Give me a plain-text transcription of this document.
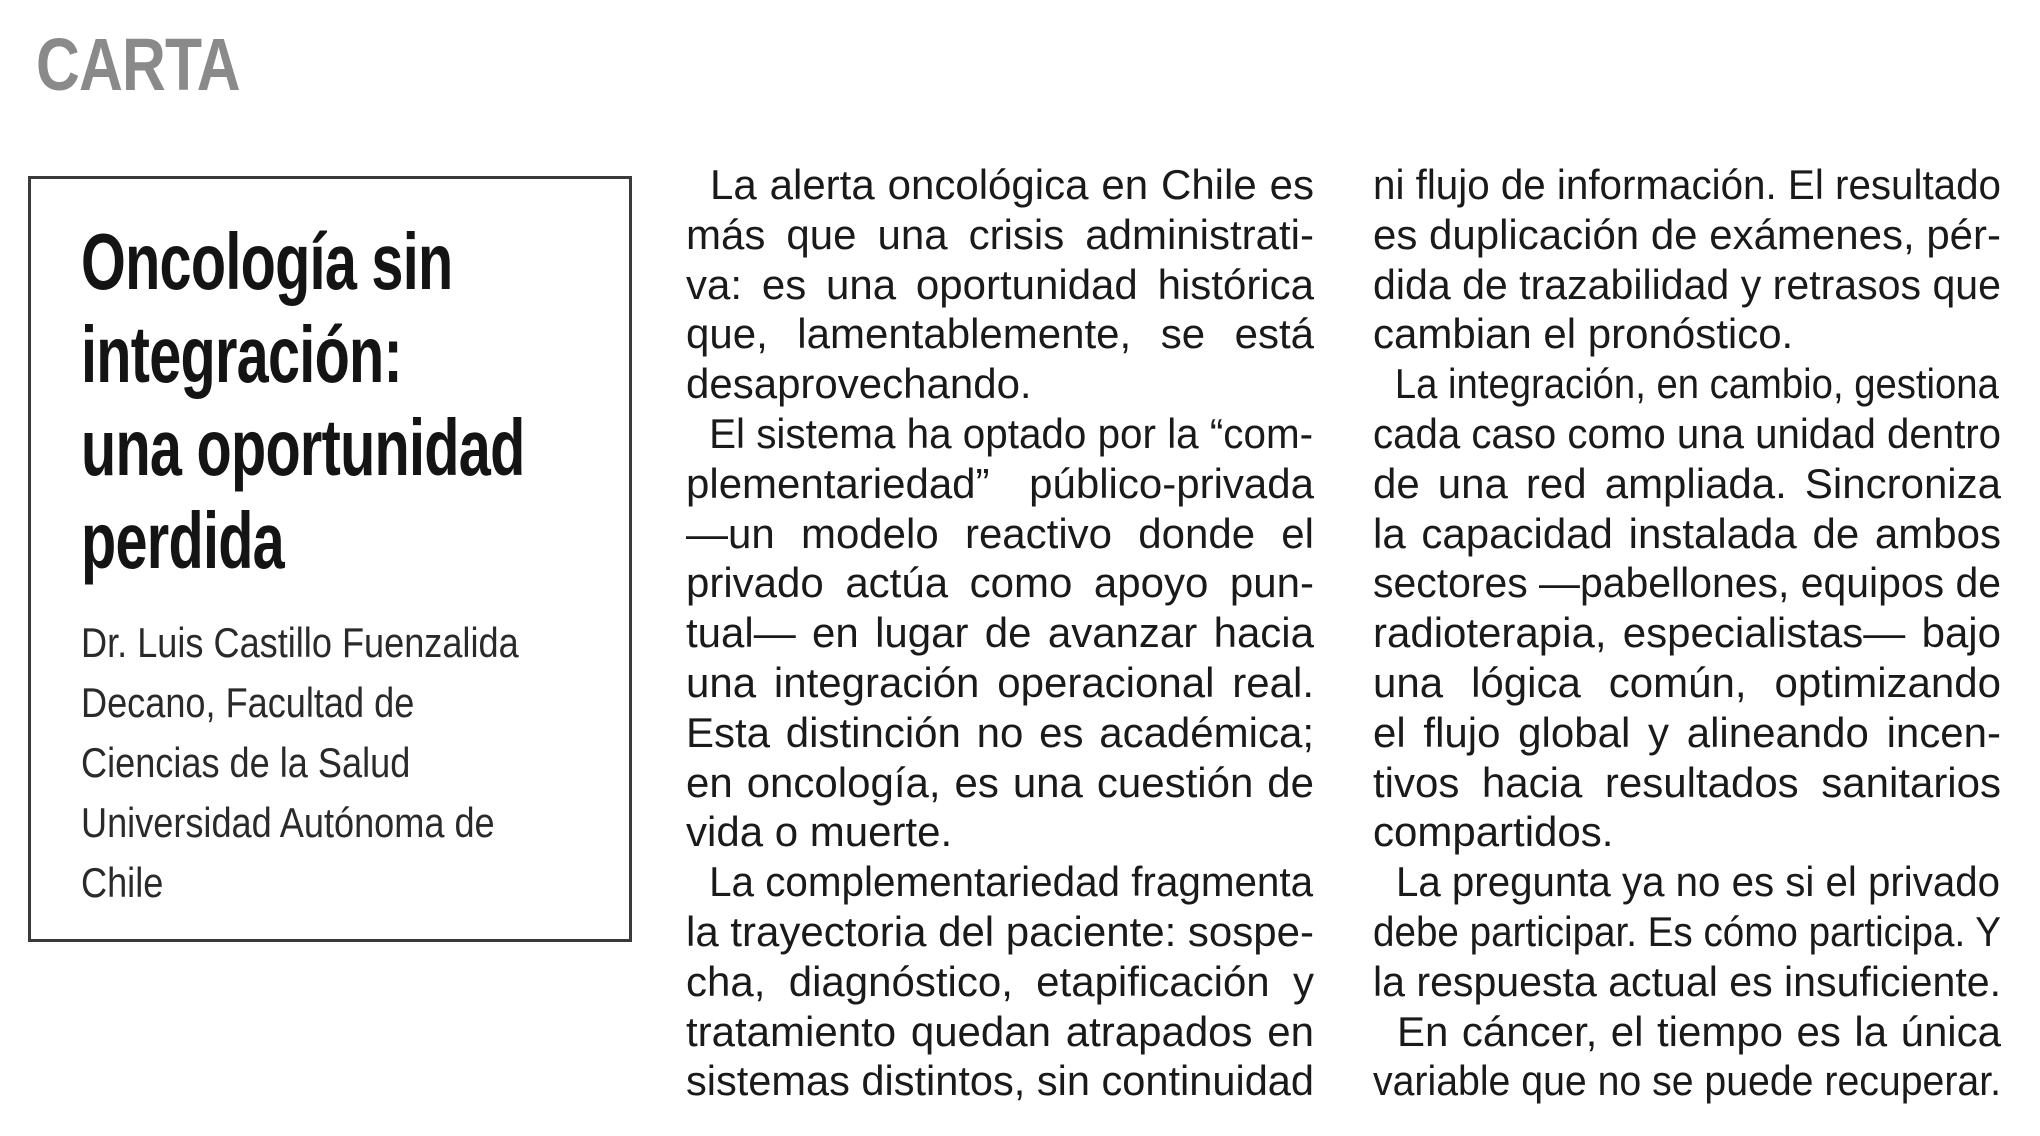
CARTA
Oncología sin
integración:
una oportunidad
perdida
Dr. Luis Castillo Fuenzalida
Decano, Facultad de
Ciencias de la Salud
Universidad Autónoma de
Chile
La alerta oncológica en Chile es
más que una crisis administrati-
va: es una oportunidad histórica
que, lamentablemente, se está
desaprovechando.
El sistema ha optado por la “com-
plementariedad” público-privada
—un modelo reactivo donde el
privado actúa como apoyo pun-
tual— en lugar de avanzar hacia
una integración operacional real.
Esta distinción no es académica;
en oncología, es una cuestión de
vida o muerte.
La complementariedad fragmenta
la trayectoria del paciente: sospe-
cha, diagnóstico, etapificación y
tratamiento quedan atrapados en
sistemas distintos, sin continuidad
ni flujo de información. El resultado
es duplicación de exámenes, pér-
dida de trazabilidad y retrasos que
cambian el pronóstico.
La integración, en cambio, gestiona
cada caso como una unidad dentro
de una red ampliada. Sincroniza
la capacidad instalada de ambos
sectores —pabellones, equipos de
radioterapia, especialistas— bajo
una lógica común, optimizando
el flujo global y alineando incen-
tivos hacia resultados sanitarios
compartidos.
La pregunta ya no es si el privado
debe participar. Es cómo participa. Y
la respuesta actual es insuficiente.
En cáncer, el tiempo es la única
variable que no se puede recuperar.
